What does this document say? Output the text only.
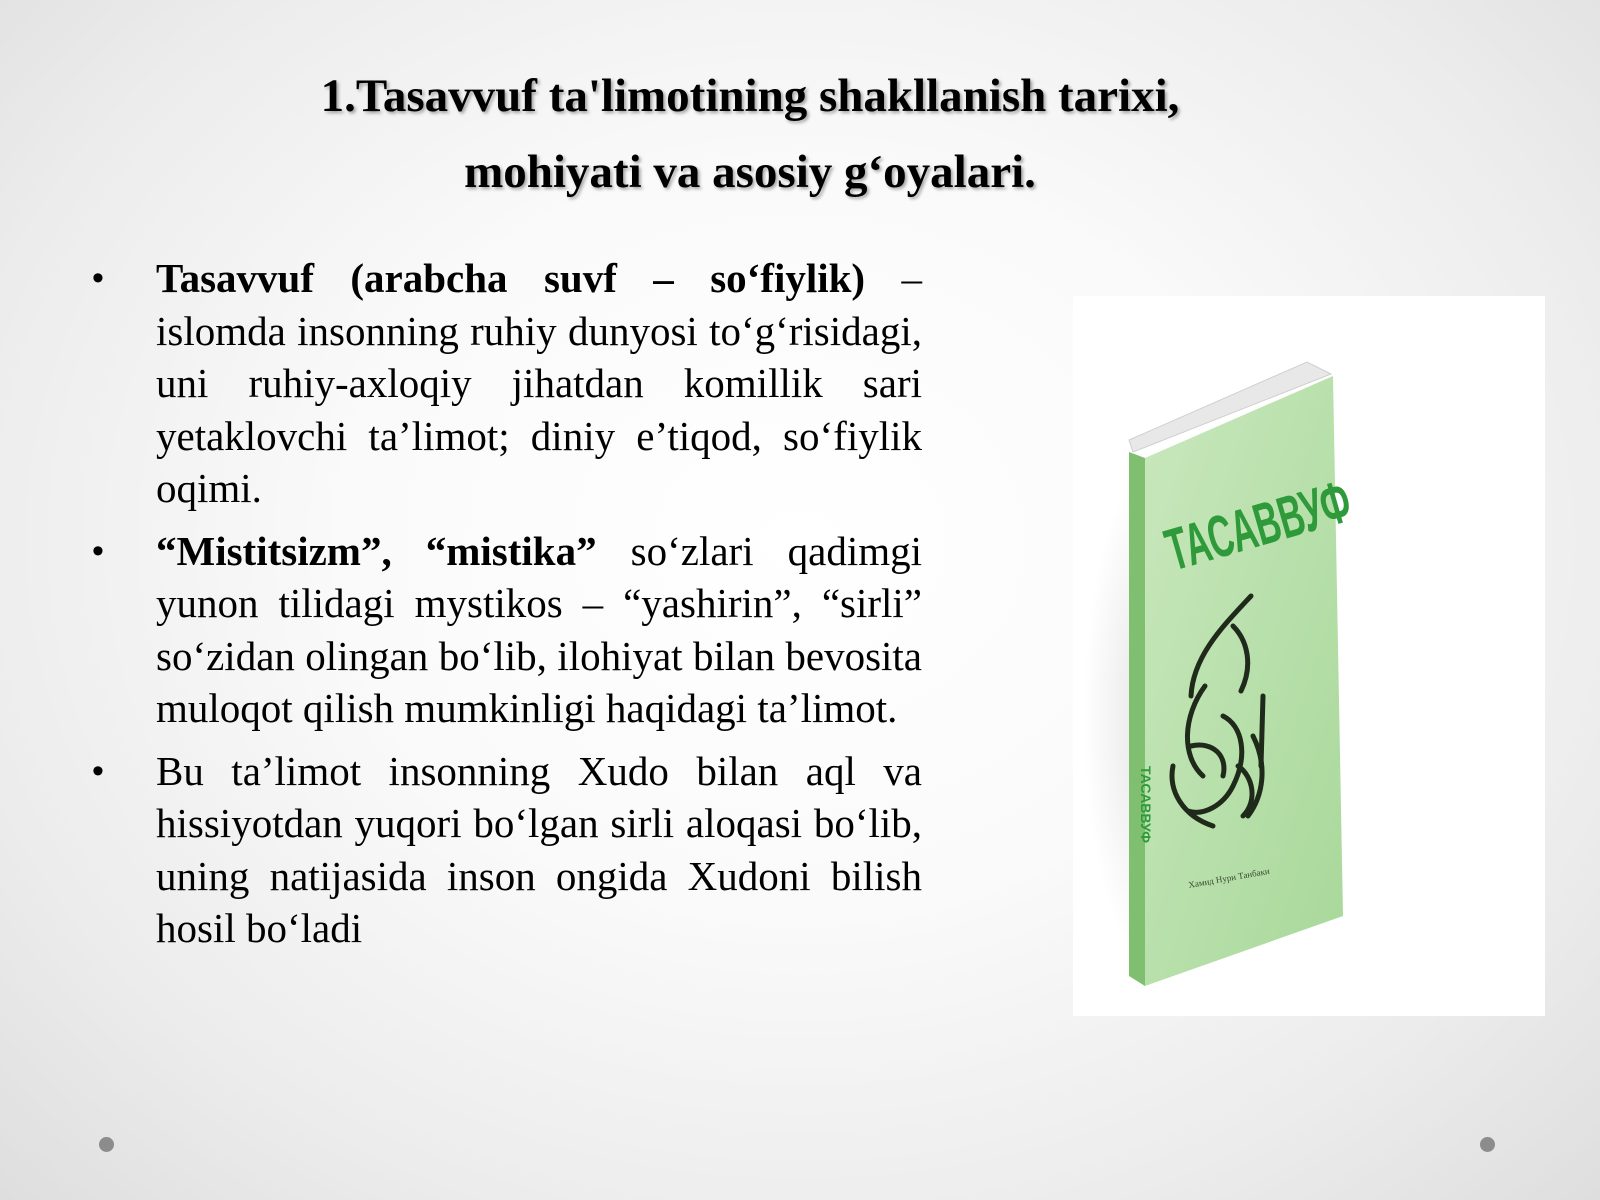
1.Tasavvuf ta'limotining shakllanish tarixi,
mohiyati va asosiy g‘oyalari.
•	Tasavvuf (arabcha suvf – so‘fiylik) – islomda insonning ruhiy dunyosi to‘g‘risidagi, uni ruhiy-axloqiy jihatdan komillik sari yetaklovchi ta’limot; diniy e’tiqod, so‘fiylik oqimi.
•	“Mistitsizm”, “mistika” so‘zlari qadimgi yunon tilidagi mystikos – “yashirin”, “sirli” so‘zidan olingan bo‘lib, ilohiyat bilan bevosita muloqot qilish mumkinligi haqidagi ta’limot.
•	Bu ta’limot insonning Xudo bilan aql va hissiyotdan yuqori bo‘lgan sirli aloqasi bo‘lib, uning natijasida inson ongida Xudoni bilish hosil bo‘ladi
ТАСАВВУФ
ТАСАВВУФ
Хамид Нури Танбаки
